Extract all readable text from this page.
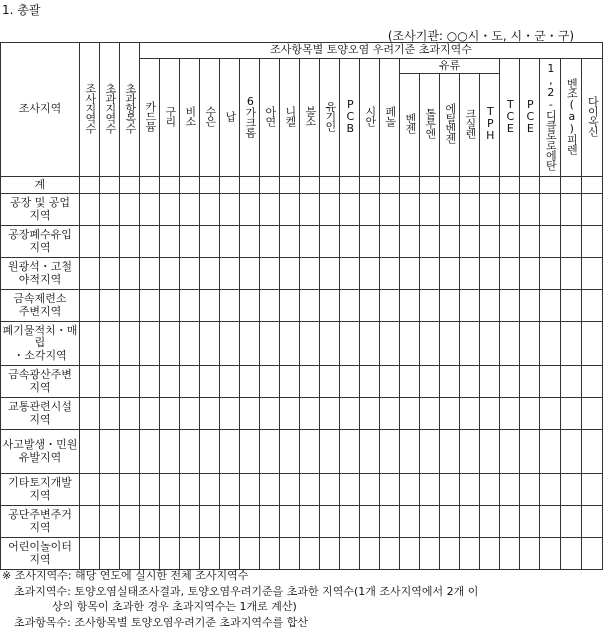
1. 총괄
(조사기관: ○○시・도, 시・군・구)
조사지역	조사지역수	초과지역수	초과항목수	조사항목별 토양오염 우려기준 초과지역수																						
				카드뮴	구리	비소	수은	납	6가크롬	아연	니켈	불소	유기인	PCB	시안	페놀	유류					TCE	PCE	1,2-디클로로에탄	벤조(a)피렌	다이옥신
																	벤젠	톨루엔	에틸벤젠	크실렌	TPH					

계																										

공장 및 공업
지역																										

공장폐수유입
지역																										

원광석・고철
야적지역																										

금속제련소
주변지역																										

폐기물적치・매립
・소각지역																										

금속광산주변
지역																										

교통관련시설
지역																										

사고발생・민원
유발지역																										

기타토지개발
지역																										

공단주변주거
지역																										

어린이놀이터
지역																										

※ 조사지역수: 해당 연도에 실시한 전체 조사지역수
초과지역수: 토양오염실태조사결과, 토양오염우려기준을 초과한 지역수(1개 조사지역에서 2개 이
상의 항목이 초과한 경우 초과지역수는 1개로 계산)
초과항목수: 조사항목별 토양오염우려기준 초과지역수를 합산
